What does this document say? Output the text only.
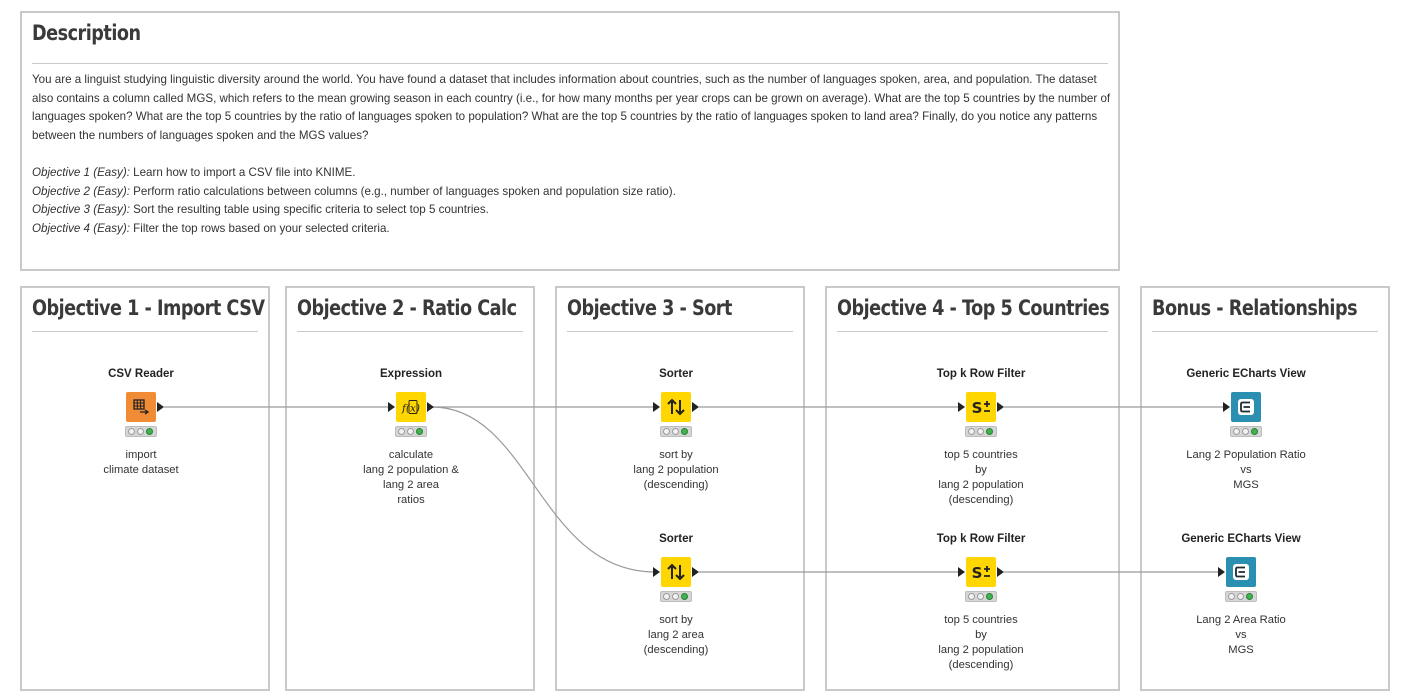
Description

You are a linguist studying linguistic diversity around the world. You have found a dataset that includes information about countries, such as the number of languages spoken, area, and population. The dataset also contains a column called MGS, which refers to the mean growing season in each country (i.e., for how many months per year crops can be grown on average). What are the top 5 countries by the number of languages spoken? What are the top 5 countries by the ratio of languages spoken to population? What are the top 5 countries by the ratio of languages spoken to land area? Finally, do you notice any patterns between the numbers of languages spoken and the MGS values?

Objective 1 (Easy): Learn how to import a CSV file into KNIME.

Objective 2 (Easy): Perform ratio calculations between columns (e.g., number of languages spoken and population size ratio).

Objective 3 (Easy): Sort the resulting table using specific criteria to select top 5 countries.

Objective 4 (Easy): Filter the top rows based on your selected criteria.

Objective 1 - Import CSV Objective 2 - Ratio Calc Objective 3 - Sort	Objective 4 - Top 5 Countries Bonus - Relationships
CSV Reader
import
climate dataset
Expression
f(x)
calculate
lang 2 population &
lang 2 area
ratios
Sorter
sort by
lang 2 population
(descending)
Sorter
sort by
lang 2 area
(descending)
Top k Row Filter
S
top 5 countries
by
lang 2 population
(descending)
Top k Row Filter
S
top 5 countries
by
lang 2 population
(descending)
Generic ECharts View
Lang 2 Population Ratio
vs
MGS
Generic ECharts View
Lang 2 Area Ratio
vs
MGS
